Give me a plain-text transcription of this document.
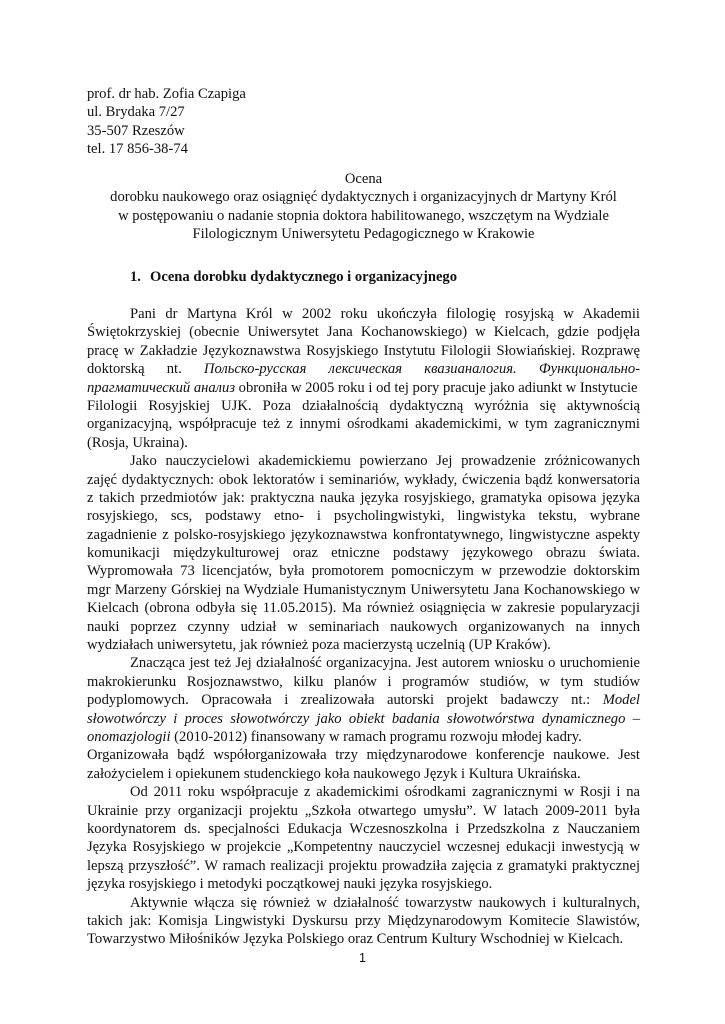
prof. dr hab. Zofia Czapiga
ul. Brydaka 7/27
35-507 Rzeszów
tel. 17 856-38-74
Ocena
dorobku naukowego oraz osiągnięć dydaktycznych i organizacyjnych dr Martyny Król
w postępowaniu o nadanie stopnia doktora habilitowanego, wszczętym na Wydziale
Filologicznym Uniwersytetu Pedagogicznego w Krakowie
1. Ocena dorobku dydaktycznego i organizacyjnego
Pani dr Martyna Król w 2002 roku ukończyła filologię rosyjską w Akademii
Świętokrzyskiej (obecnie Uniwersytet Jana Kochanowskiego) w Kielcach, gdzie podjęła
pracę w Zakładzie Językoznawstwa Rosyjskiego Instytutu Filologii Słowiańskiej. Rozprawę
doktorską nt. Польско-русская лексическая квазианалогия. Функционально-
прагматический анализ obroniła w 2005 roku i od tej pory pracuje jako adiunkt w Instytucie
Filologii Rosyjskiej UJK. Poza działalnością dydaktyczną wyróżnia się aktywnością
organizacyjną, współpracuje też z innymi ośrodkami akademickimi, w tym zagranicznymi
(Rosja, Ukraina).
Jako nauczycielowi akademickiemu powierzano Jej prowadzenie zróżnicowanych
zajęć dydaktycznych: obok lektoratów i seminariów, wykłady, ćwiczenia bądź konwersatoria
z takich przedmiotów jak: praktyczna nauka języka rosyjskiego, gramatyka opisowa języka
rosyjskiego, scs, podstawy etno- i psycholingwistyki, lingwistyka tekstu, wybrane
zagadnienie z polsko-rosyjskiego językoznawstwa konfrontatywnego, lingwistyczne aspekty
komunikacji międzykulturowej oraz etniczne podstawy językowego obrazu świata.
Wypromowała 73 licencjatów, była promotorem pomocniczym w przewodzie doktorskim
mgr Marzeny Górskiej na Wydziale Humanistycznym Uniwersytetu Jana Kochanowskiego w
Kielcach (obrona odbyła się 11.05.2015). Ma również osiągnięcia w zakresie popularyzacji
nauki poprzez czynny udział w seminariach naukowych organizowanych na innych
wydziałach uniwersytetu, jak również poza macierzystą uczelnią (UP Kraków).
Znacząca jest też Jej działalność organizacyjna. Jest autorem wniosku o uruchomienie
makrokierunku Rosjoznawstwo, kilku planów i programów studiów, w tym studiów
podyplomowych. Opracowała i zrealizowała autorski projekt badawczy nt.: Model
słowotwórczy i proces słowotwórczy jako obiekt badania słowotwórstwa dynamicznego –
onomazjologii (2010-2012) finansowany w ramach programu rozwoju młodej kadry.
Organizowała bądź współorganizowała trzy międzynarodowe konferencje naukowe. Jest
założycielem i opiekunem studenckiego koła naukowego Język i Kultura Ukraińska.
Od 2011 roku współpracuje z akademickimi ośrodkami zagranicznymi w Rosji i na
Ukrainie przy organizacji projektu „Szkoła otwartego umysłu”. W latach 2009-2011 była
koordynatorem ds. specjalności Edukacja Wczesnoszkolna i Przedszkolna z Nauczaniem
Języka Rosyjskiego w projekcie „Kompetentny nauczyciel wczesnej edukacji inwestycją w
lepszą przyszłość”. W ramach realizacji projektu prowadziła zajęcia z gramatyki praktycznej
języka rosyjskiego i metodyki początkowej nauki języka rosyjskiego.
Aktywnie włącza się również w działalność towarzystw naukowych i kulturalnych,
takich jak: Komisja Lingwistyki Dyskursu przy Międzynarodowym Komitecie Slawistów,
Towarzystwo Miłośników Języka Polskiego oraz Centrum Kultury Wschodniej w Kielcach.
1
